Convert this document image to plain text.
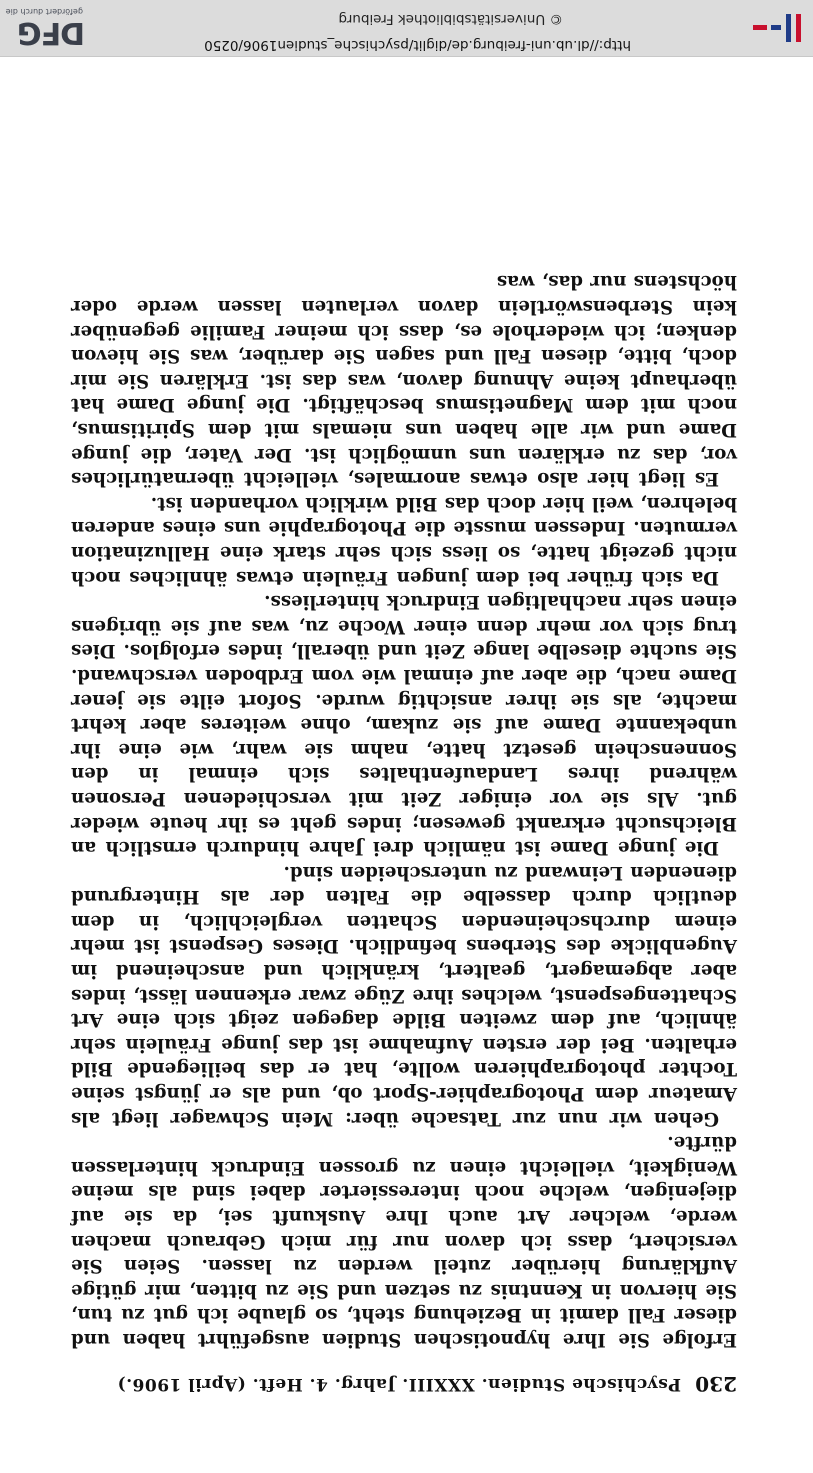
230
Psychische Studien. XXXIII. Jahrg. 4. Heft. (April 1906.)

Erfolge Sie Ihre hypnotischen Studien ausgeführt haben und dieser Fall damit in Beziehung steht, so glaube ich gut zu tun, Sie hiervon in Kenntnis zu setzen und Sie zu bitten, mir gütige Aufklärung hierüber zuteil werden zu lassen. Seien Sie versichert, dass ich davon nur für mich Gebrauch machen werde, welcher Art auch Ihre Auskunft sei, da sie auf diejenigen, welche noch interessierter dabei sind als meine Wenigkeit, vielleicht einen zu grossen Eindruck hinterlassen dürfte.

Gehen wir nun zur Tatsache über: Mein Schwager liegt als Amateur dem Photographier-Sport ob, und als er jüngst seine Tochter photographieren wollte, hat er das beiliegende Bild erhalten. Bei der ersten Aufnahme ist das junge Fräulein sehr ähnlich, auf dem zweiten Bilde dagegen zeigt sich eine Art Schattengespenst, welches ihre Züge zwar erkennen lässt, indes aber abgemagert, gealtert, kränklich und anscheinend im Augenblicke des Sterbens befindlich. Dieses Gespenst ist mehr einem durchscheinenden Schatten vergleichlich, in dem deutlich durch dasselbe die Falten der als Hintergrund dienenden Leinwand zu unterscheiden sind.

Die junge Dame ist nämlich drei Jahre hindurch ernstlich an Bleichsucht erkrankt gewesen; indes geht es ihr heute wieder gut. Als sie vor einiger Zeit mit verschiedenen Personen während ihres Landaufenthaltes sich einmal in den Sonnenschein gesetzt hatte, nahm sie wahr, wie eine ihr unbekannte Dame auf sie zukam, ohne weiteres aber kehrt machte, als sie ihrer ansichtig wurde. Sofort eilte sie jener Dame nach, die aber auf einmal wie vom Erdboden verschwand. Sie suchte dieselbe lange Zeit und überall, indes erfolglos. Dies trug sich vor mehr denn einer Woche zu, was auf sie übrigens einen sehr nachhaltigen Eindruck hinterliess.

Da sich früher bei dem jungen Fräulein etwas ähnliches noch nicht gezeigt hatte, so liess sich sehr stark eine Halluzination vermuten. Indessen musste die Photographie uns eines anderen belehren, weil hier doch das Bild wirklich vorhanden ist.

Es liegt hier also etwas anormales, vielleicht übernatürliches vor, das zu erklären uns unmöglich ist. Der Vater, die junge Dame und wir alle haben uns niemals mit dem Spiritismus, noch mit dem Magnetismus beschäftigt. Die junge Dame hat überhaupt keine Ahnung davon, was das ist. Erklären Sie mir doch, bitte, diesen Fall und sagen Sie darüber, was Sie hievon denken; ich wiederhole es, dass ich meiner Familie gegenüber kein Sterbenswörtlein davon verlauten lassen werde oder höchstens nur das, was

http://dl.ub.uni-freiburg.de/diglit/psychische_studien1906/0250
© Universitätsbibliothek Freiburg
DFG
gefördert durch die
